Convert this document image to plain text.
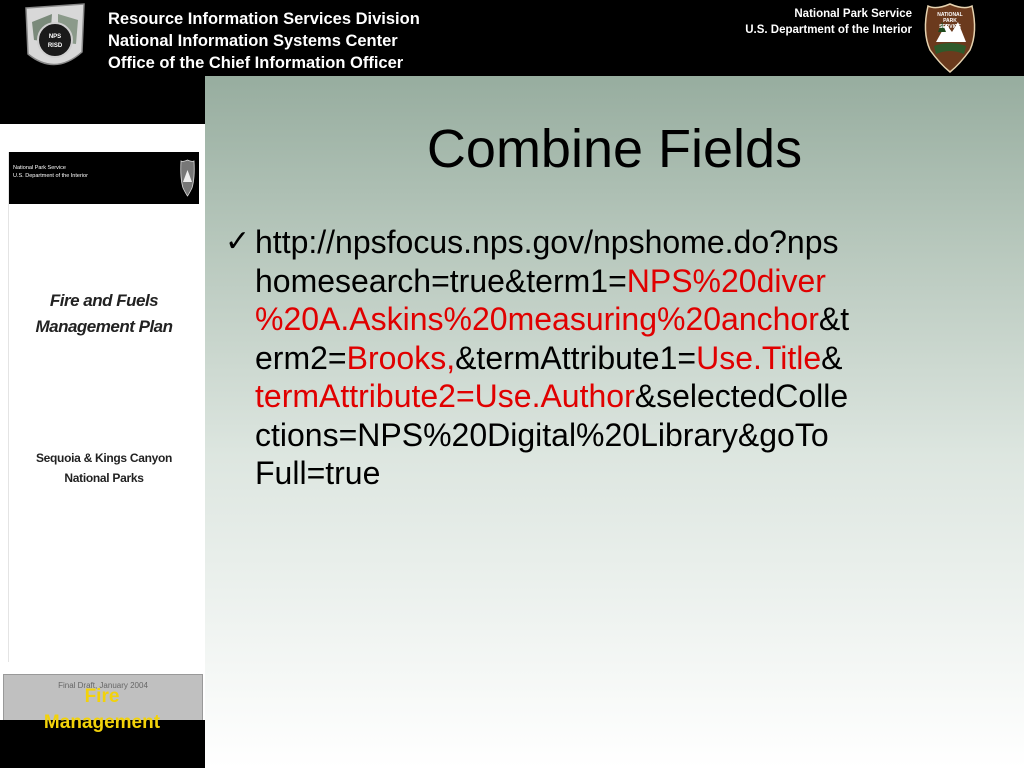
NPS
RISD
Resource Information Services Division
National Information Systems Center
Office of the Chief Information Officer
National Park Service
U.S. Department of the Interior
NATIONAL
PARK
SERVICE
National Park Service
U.S. Department of the Interior
Fire and Fuels
Management Plan
Sequoia & Kings Canyon
National Parks
Final Draft, January 2004
Fire
Management
Combine Fields
✓ http://npsfocus.nps.gov/npshome.do?nps
homesearch=true&term1=NPS%20diver
%20A.Askins%20measuring%20anchor&t
erm2=Brooks,&termAttribute1=Use.Title&
termAttribute2=Use.Author&selectedColle
ctions=NPS%20Digital%20Library&goTo
Full=true
